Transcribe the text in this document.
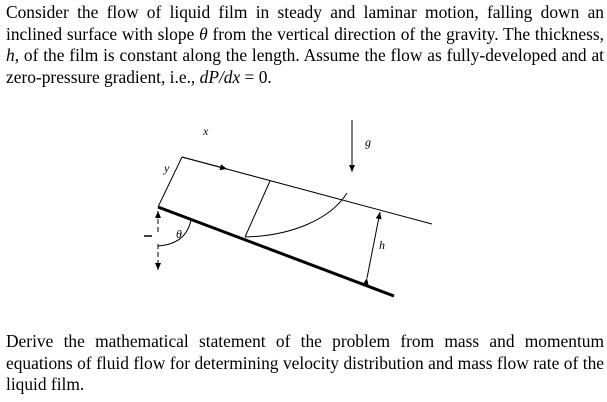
Consider the flow of liquid film in steady and laminar motion, falling down an inclined surface with slope θ from the vertical direction of the gravity. The thickness, h, of the film is constant along the length. Assume the flow as fully-developed and at zero-pressure gradient, i.e., dP/dx = 0.

x
y
g
θ
h

Derive the mathematical statement of the problem from mass and momentum equations of fluid flow for determining velocity distribution and mass flow rate of the liquid film.
